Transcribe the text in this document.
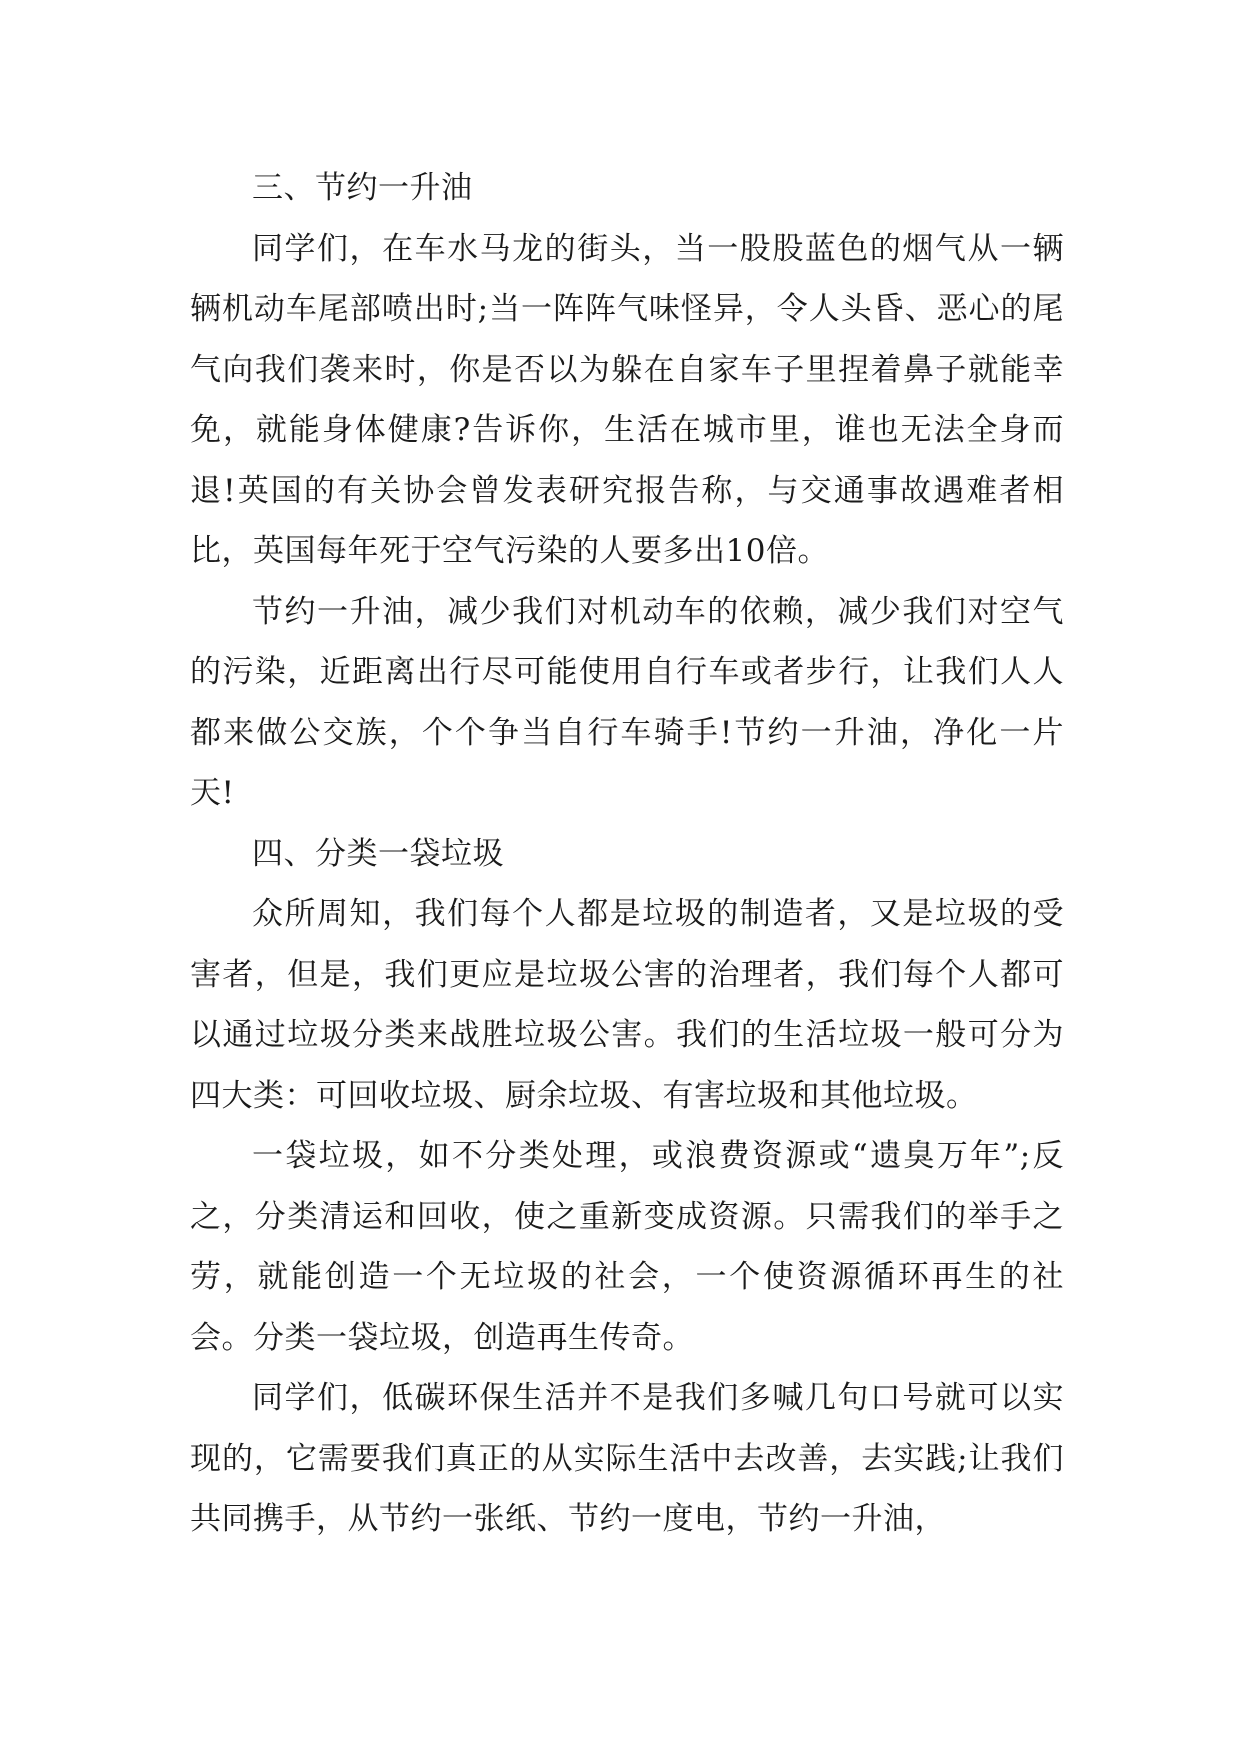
三、节约一升油

同学们，在车水马龙的街头，当一股股蓝色的烟气从一辆辆机动车尾部喷出时;当一阵阵气味怪异，令人头昏、恶心的尾气向我们袭来时，你是否以为躲在自家车子里捏着鼻子就能幸免，就能身体健康?告诉你，生活在城市里，谁也无法全身而退!英国的有关协会曾发表研究报告称，与交通事故遇难者相比，英国每年死于空气污染的人要多出10倍。

节约一升油，减少我们对机动车的依赖，减少我们对空气的污染，近距离出行尽可能使用自行车或者步行，让我们人人都来做公交族，个个争当自行车骑手!节约一升油，净化一片天!

四、分类一袋垃圾

众所周知，我们每个人都是垃圾的制造者，又是垃圾的受害者，但是，我们更应是垃圾公害的治理者，我们每个人都可以通过垃圾分类来战胜垃圾公害。我们的生活垃圾一般可分为四大类：可回收垃圾、厨余垃圾、有害垃圾和其他垃圾。

一袋垃圾，如不分类处理，或浪费资源或“遗臭万年”;反之，分类清运和回收，使之重新变成资源。只需我们的举手之劳，就能创造一个无垃圾的社会，一个使资源循环再生的社会。分类一袋垃圾，创造再生传奇。

同学们，低碳环保生活并不是我们多喊几句口号就可以实现的，它需要我们真正的从实际生活中去改善，去实践;让我们共同携手，从节约一张纸、节约一度电，节约一升油，
